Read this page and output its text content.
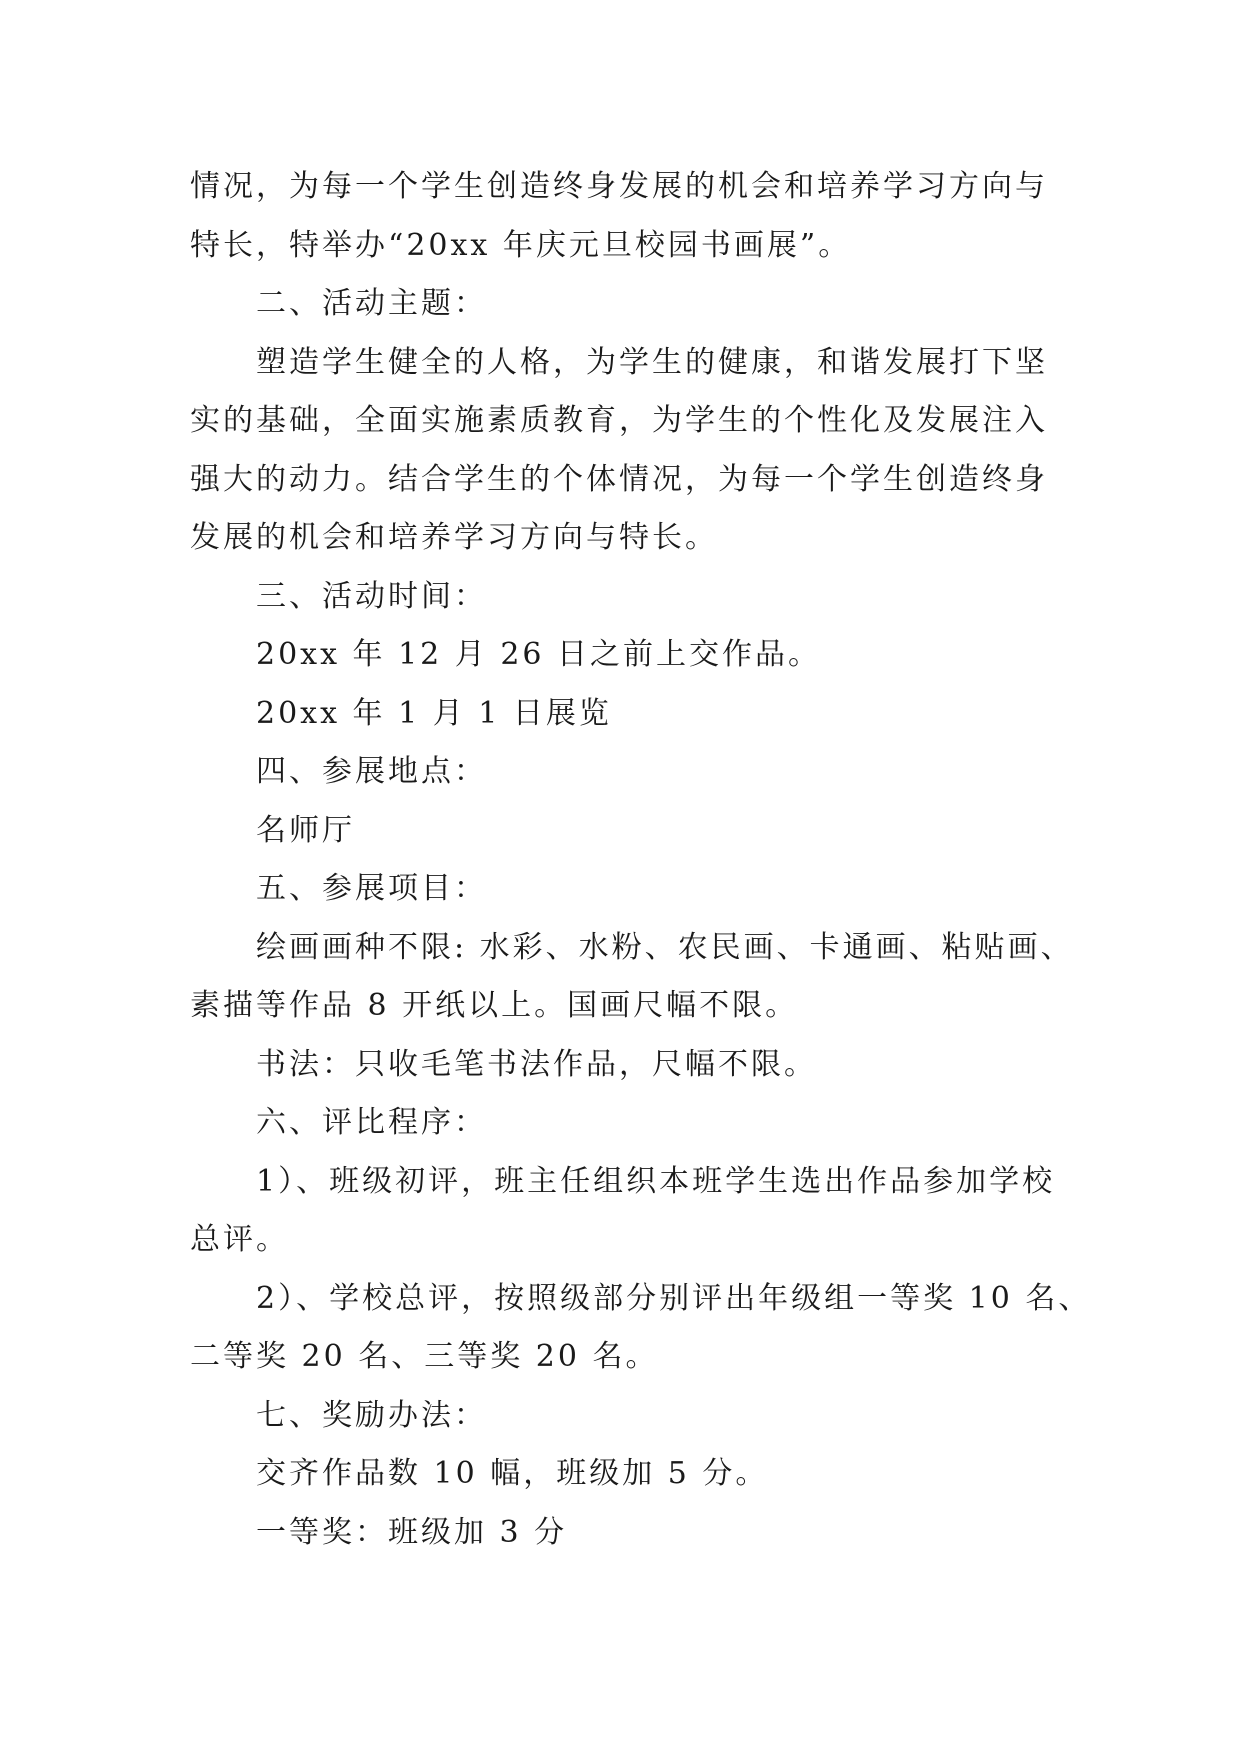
情况，为每一个学生创造终身发展的机会和培养学习方向与
特长，特举办“20xx 年庆元旦校园书画展”。
二、活动主题：
塑造学生健全的人格，为学生的健康，和谐发展打下坚
实的基础，全面实施素质教育，为学生的个性化及发展注入
强大的动力。结合学生的个体情况，为每一个学生创造终身
发展的机会和培养学习方向与特长。
三、活动时间：
20xx 年 12 月 26 日之前上交作品。
20xx 年 1 月 1 日展览
四、参展地点：
名师厅
五、参展项目：
绘画画种不限: 水彩、水粉、农民画、卡通画、粘贴画、
素描等作品 8 开纸以上。国画尺幅不限。
书法：只收毛笔书法作品，尺幅不限。
六、评比程序：
1）、班级初评，班主任组织本班学生选出作品参加学校
总评。
2）、学校总评，按照级部分别评出年级组一等奖 10 名、
二等奖 20 名、三等奖 20 名。
七、奖励办法：
交齐作品数 10 幅，班级加 5 分。
一等奖：班级加 3 分
